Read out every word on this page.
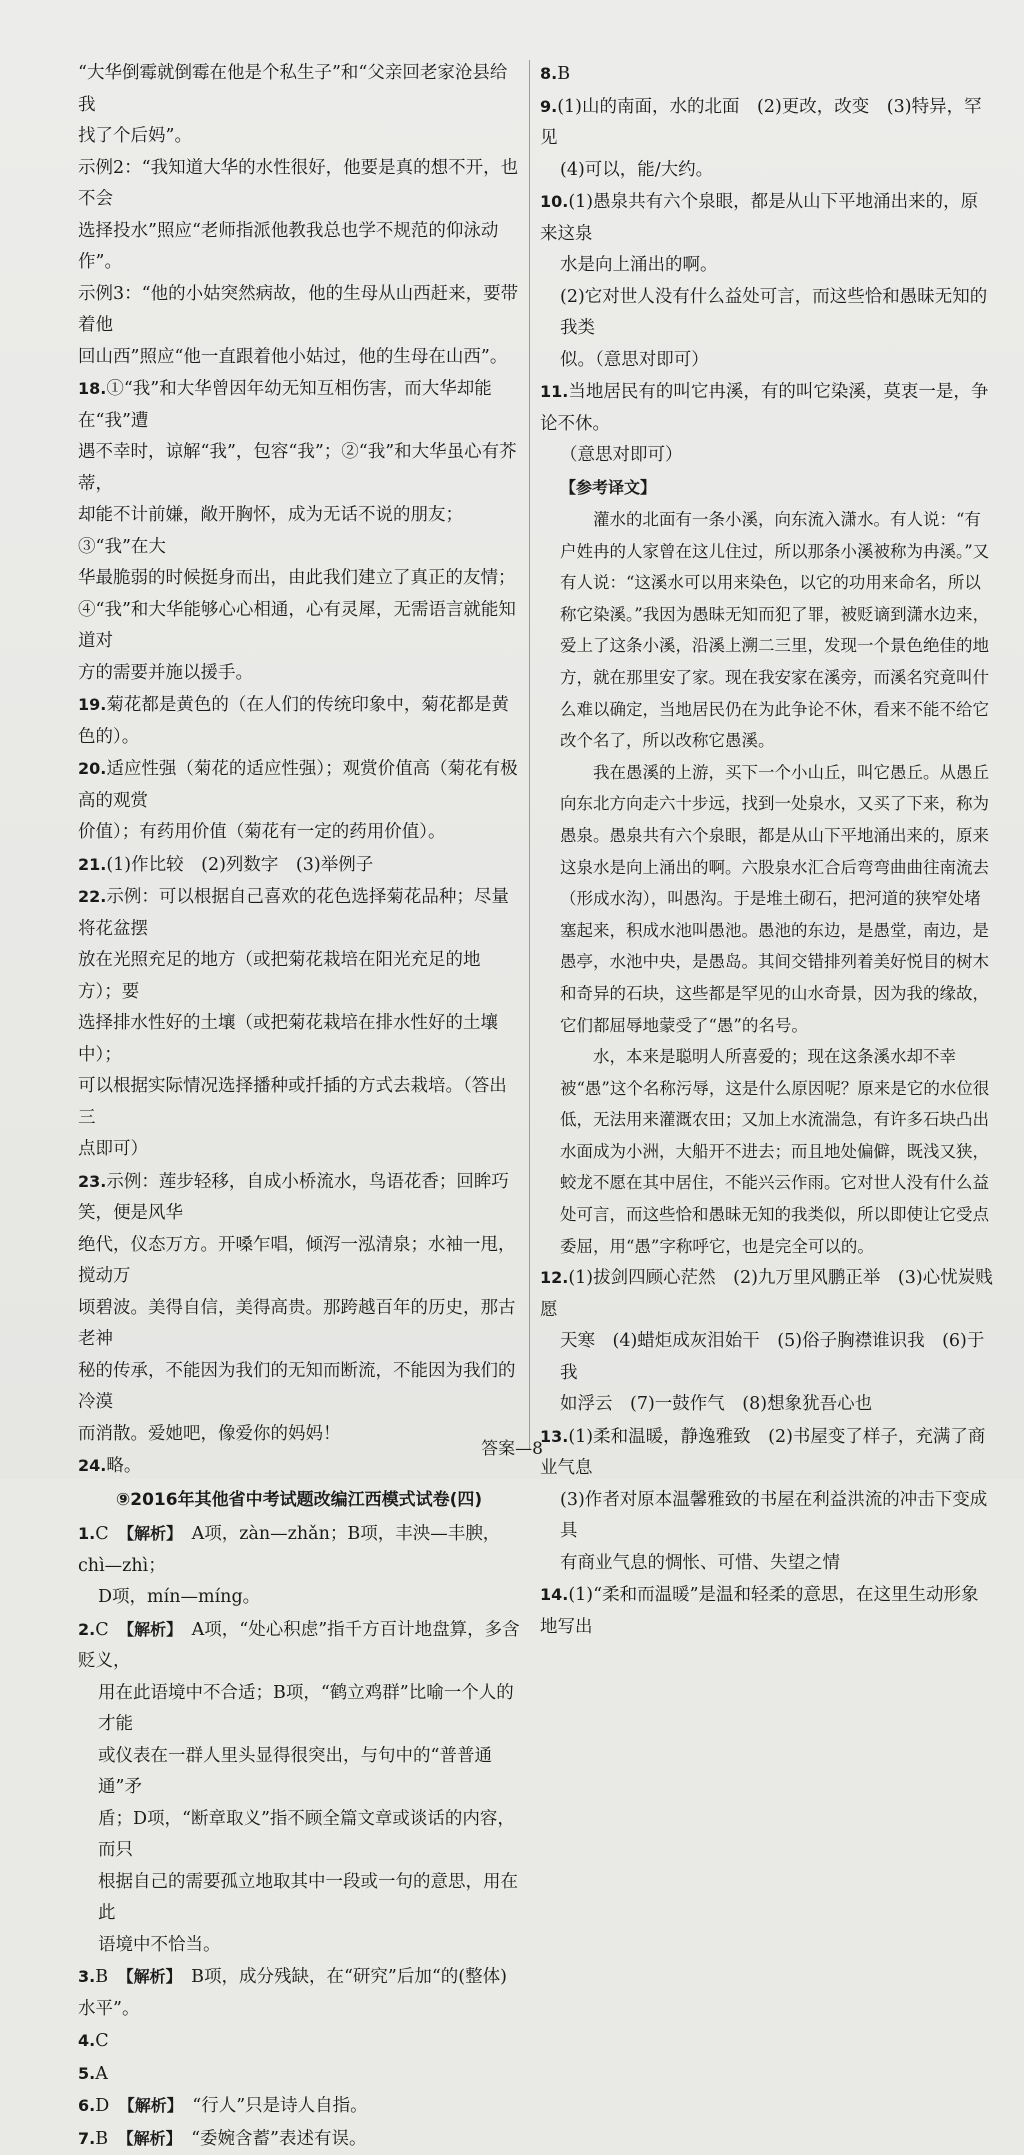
“大华倒霉就倒霉在他是个私生子”和“父亲回老家沧县给我
找了个后妈”。
示例2：“我知道大华的水性很好，他要是真的想不开，也不会
选择投水”照应“老师指派他教我总也学不规范的仰泳动作”。
示例3：“他的小姑突然病故，他的生母从山西赶来，要带着他
回山西”照应“他一直跟着他小姑过，他的生母在山西”。
18.①“我”和大华曾因年幼无知互相伤害，而大华却能在“我”遭
遇不幸时，谅解“我”，包容“我”；②“我”和大华虽心有芥蒂，
却能不计前嫌，敞开胸怀，成为无话不说的朋友；③“我”在大
华最脆弱的时候挺身而出，由此我们建立了真正的友情；
④“我”和大华能够心心相通，心有灵犀，无需语言就能知道对
方的需要并施以援手。
19.菊花都是黄色的（在人们的传统印象中，菊花都是黄色的）。
20.适应性强（菊花的适应性强）；观赏价值高（菊花有极高的观赏
价值）；有药用价值（菊花有一定的药用价值）。
21.(1)作比较　(2)列数字　(3)举例子
22.示例：可以根据自己喜欢的花色选择菊花品种；尽量将花盆摆
放在光照充足的地方（或把菊花栽培在阳光充足的地方）；要
选择排水性好的土壤（或把菊花栽培在排水性好的土壤中）；
可以根据实际情况选择播种或扦插的方式去栽培。（答出三
点即可）
23.示例：莲步轻移，自成小桥流水，鸟语花香；回眸巧笑，便是风华
绝代，仪态万方。开嗓乍唱，倾泻一泓清泉；水袖一甩，搅动万
顷碧波。美得自信，美得高贵。那跨越百年的历史，那古老神
秘的传承，不能因为我们的无知而断流，不能因为我们的冷漠
而消散。爱她吧，像爱你的妈妈！
24.略。
⑨2016年其他省中考试题改编江西模式试卷(四)
1.C　 【解析】　 A项，zàn—zhǎn；B项，丰泱—丰腴，chì—zhì；
D项，mín—míng。
2.C　 【解析】　 A项，“处心积虑”指千方百计地盘算，多含贬义，
用在此语境中不合适；B项，“鹤立鸡群”比喻一个人的才能
或仪表在一群人里头显得很突出，与句中的“普普通通”矛
盾；D项，“断章取义”指不顾全篇文章或谈话的内容，而只
根据自己的需要孤立地取其中一段或一句的意思，用在此
语境中不恰当。
3.B　 【解析】　 B项，成分残缺，在“研究”后加“的(整体)水平”。
4.C
5.A
6.D　 【解析】　 “行人”只是诗人自指。
7.B　 【解析】　 “委婉含蓄”表述有误。
8.B
9.(1)山的南面，水的北面　(2)更改，改变　(3)特异，罕见
(4)可以，能/大约。
10.(1)愚泉共有六个泉眼，都是从山下平地涌出来的，原来这泉
水是向上涌出的啊。
(2)它对世人没有什么益处可言，而这些恰和愚昧无知的我类
似。（意思对即可）
11.当地居民有的叫它冉溪，有的叫它染溪，莫衷一是，争论不休。
（意思对即可）
【参考译文】
灌水的北面有一条小溪，向东流入潇水。有人说：“有户姓冉的人家曾在这儿住过，所以那条小溪被称为冉溪。”又有人说：“这溪水可以用来染色，以它的功用来命名，所以称它染溪。”我因为愚昧无知而犯了罪，被贬谪到潇水边来，爱上了这条小溪，沿溪上溯二三里，发现一个景色绝佳的地方，就在那里安了家。现在我安家在溪旁，而溪名究竟叫什么难以确定，当地居民仍在为此争论不休，看来不能不给它改个名了，所以改称它愚溪。
我在愚溪的上游，买下一个小山丘，叫它愚丘。从愚丘向东北方向走六十步远，找到一处泉水，又买了下来，称为愚泉。愚泉共有六个泉眼，都是从山下平地涌出来的，原来这泉水是向上涌出的啊。六股泉水汇合后弯弯曲曲往南流去（形成水沟），叫愚沟。于是堆土砌石，把河道的狭窄处堵塞起来，积成水池叫愚池。愚池的东边，是愚堂，南边，是愚亭，水池中央，是愚岛。其间交错排列着美好悦目的树木和奇异的石块，这些都是罕见的山水奇景，因为我的缘故，它们都屈辱地蒙受了“愚”的名号。
水，本来是聪明人所喜爱的；现在这条溪水却不幸被“愚”这个名称污辱，这是什么原因呢？原来是它的水位很低，无法用来灌溉农田；又加上水流湍急，有许多石块凸出水面成为小洲，大船开不进去；而且地处偏僻，既浅又狭，蛟龙不愿在其中居住，不能兴云作雨。它对世人没有什么益处可言，而这些恰和愚昧无知的我类似，所以即使让它受点委屈，用“愚”字称呼它，也是完全可以的。
12.(1)拔剑四顾心茫然　(2)九万里风鹏正举　(3)心忧炭贱愿
天寒　(4)蜡炬成灰泪始干　(5)俗子胸襟谁识我　(6)于我
如浮云　(7)一鼓作气　(8)想象犹吾心也
13.(1)柔和温暖，静逸雅致　(2)书屋变了样子，充满了商业气息
(3)作者对原本温馨雅致的书屋在利益洪流的冲击下变成具
有商业气息的惆怅、可惜、失望之情
14.(1)“柔和而温暖”是温和轻柔的意思，在这里生动形象地写出
答案—8
